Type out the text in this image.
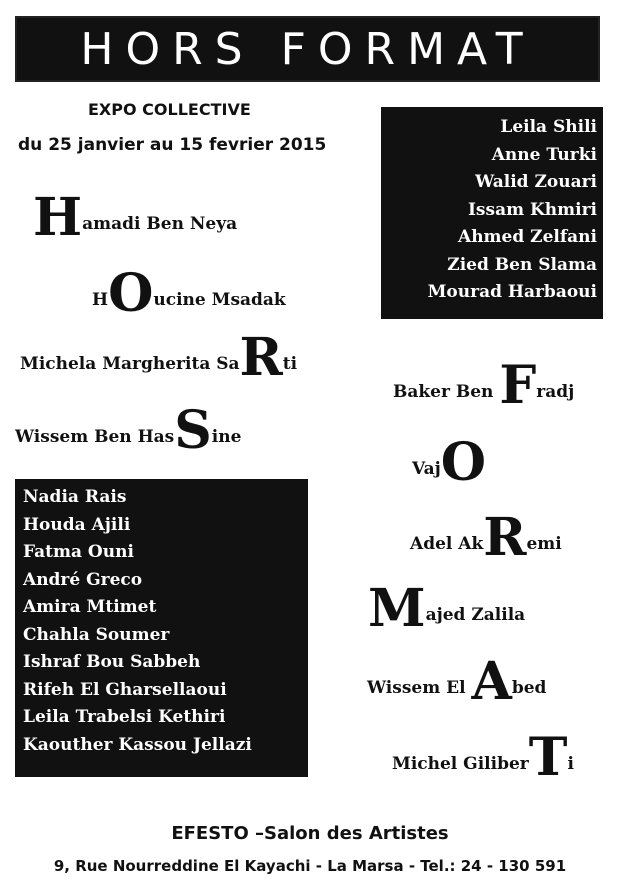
HORS FORMAT
EXPO COLLECTIVE
du 25 janvier au 15 fevrier 2015
Hamadi Ben Neya
HOucine Msadak
Michela Margherita SaRti
Wissem Ben HasSine
Leila Shili
Anne Turki
Walid Zouari
Issam Khmiri
Ahmed Zelfani
Zied Ben Slama
Mourad Harbaoui
Baker Ben Fradj
VajO
Adel AkRemi
Majed Zalila
Wissem El Abed
Michel GiliberTi
Nadia Rais
Houda Ajili
Fatma Ouni
André Greco
Amira Mtimet
Chahla Soumer
Ishraf Bou Sabbeh
Rifeh El Gharsellaoui
Leila Trabelsi Kethiri
Kaouther Kassou Jellazi
EFESTO –Salon des Artistes
9, Rue Nourreddine El Kayachi - La Marsa - Tel.: 24 - 130 591
